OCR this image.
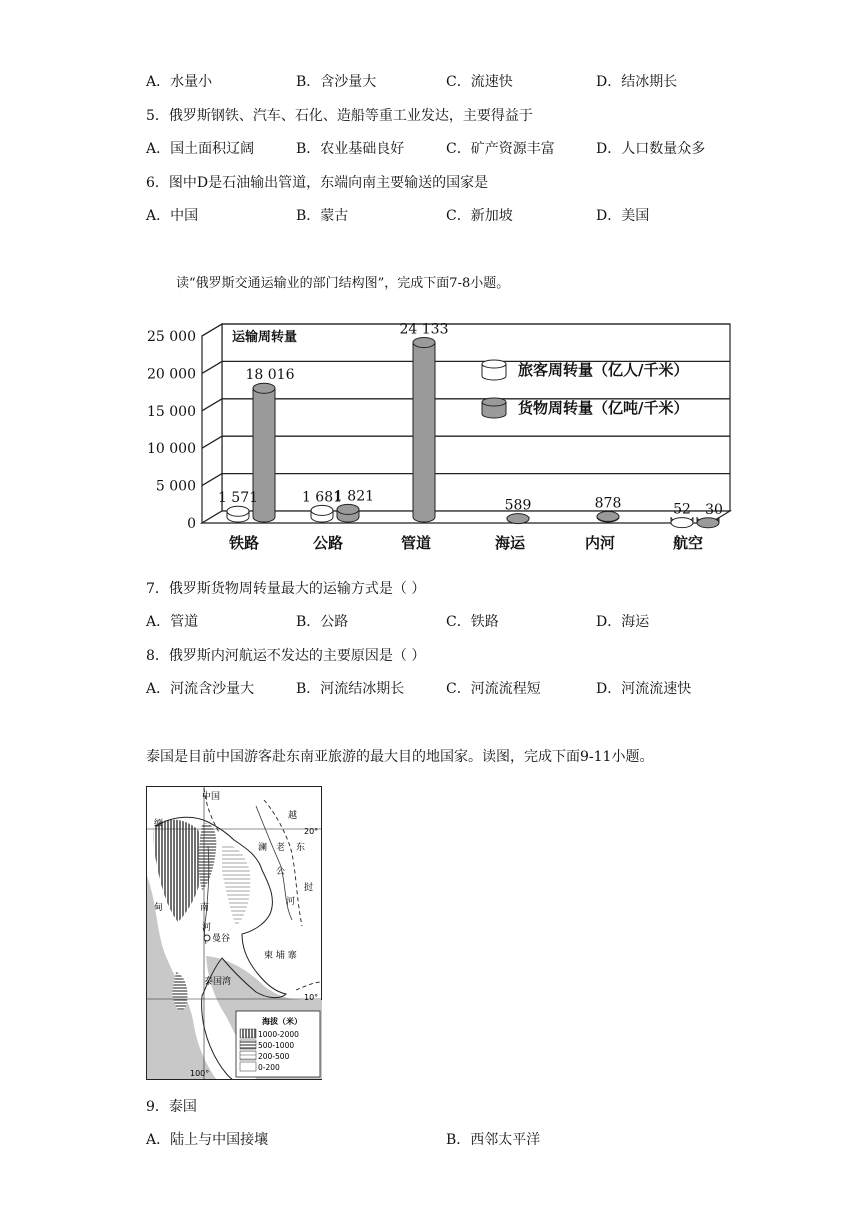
A．水量小	B．含沙量大	C．流速快	D．结冰期长
5．俄罗斯钢铁、汽车、石化、造船等重工业发达，主要得益于
A．国土面积辽阔	B．农业基础良好	C．矿产资源丰富	D．人口数量众多
6．图中D是石油输出管道，东端向南主要输送的国家是
A．中国	B．蒙古	C．新加坡	D．美国
读“俄罗斯交通运输业的部门结构图”，完成下面7-8小题。
0
5 000
10 000
15 000
20 000
25 000
1 571
18 016
1 681
1 821
24 133
589	878	52 30
铁路	公路	管道	海运	内河	航空
运输周转量
旅客周转量（亿人/千米）
货物周转量（亿吨/千米）
7．俄罗斯货物周转量最大的运输方式是（ ）
A．管道	B．公路	C．铁路	D．海运
8．俄罗斯内河航运不发达的主要原因是（ ）
A．河流含沙量大	B．河流结冰期长	C．河流流程短	D．河流流速快
泰国是目前中国游客赴东南亚旅游的最大目的地国家。读图，完成下面9-11小题。
中国
缅
甸
越
20°
澜 老 东
公
挝
河
南
河
曼谷
柬 埔 寨
泰国湾
10°
100°
海拔（米）
1000-2000
500-1000
200-500
0-200
9．泰国
A．陆上与中国接壤	B．西邻太平洋
